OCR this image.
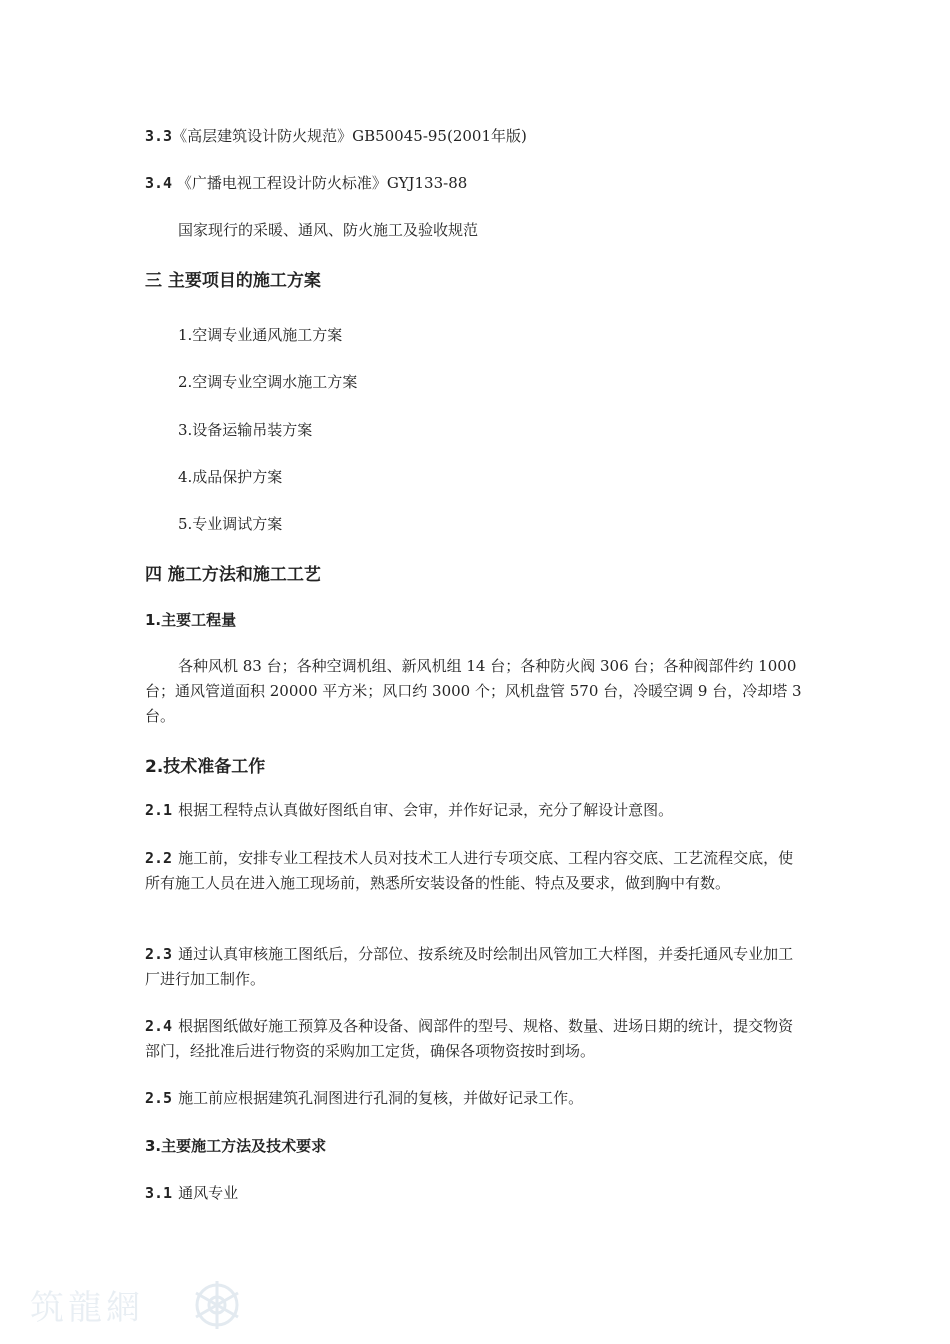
3.3《高层建筑设计防火规范》GB50045-95(2001年版)
3.4 《广播电视工程设计防火标准》GYJ133-88
国家现行的采暖、通风、防火施工及验收规范
三 主要项目的施工方案
1.空调专业通风施工方案
2.空调专业空调水施工方案
3.设备运输吊装方案
4.成品保护方案
5.专业调试方案
四 施工方法和施工工艺
1.主要工程量
各种风机 83 台；各种空调机组、新风机组 14 台；各种防火阀 306 台；各种阀部件约 1000 台；通风管道面积 20000 平方米；风口约 3000 个；风机盘管 570 台，冷暖空调 9 台，冷却塔 3 台。
2.技术准备工作
2.1 根据工程特点认真做好图纸自审、会审，并作好记录，充分了解设计意图。
2.2 施工前，安排专业工程技术人员对技术工人进行专项交底、工程内容交底、工艺流程交底，使所有施工人员在进入施工现场前，熟悉所安装设备的性能、特点及要求，做到胸中有数。
2.3 通过认真审核施工图纸后，分部位、按系统及时绘制出风管加工大样图，并委托通风专业加工厂进行加工制作。
2.4 根据图纸做好施工预算及各种设备、阀部件的型号、规格、数量、进场日期的统计，提交物资部门，经批准后进行物资的采购加工定货，确保各项物资按时到场。
2.5 施工前应根据建筑孔洞图进行孔洞的复核，并做好记录工作。
3.主要施工方法及技术要求
3.1 通风专业
筑龍網
